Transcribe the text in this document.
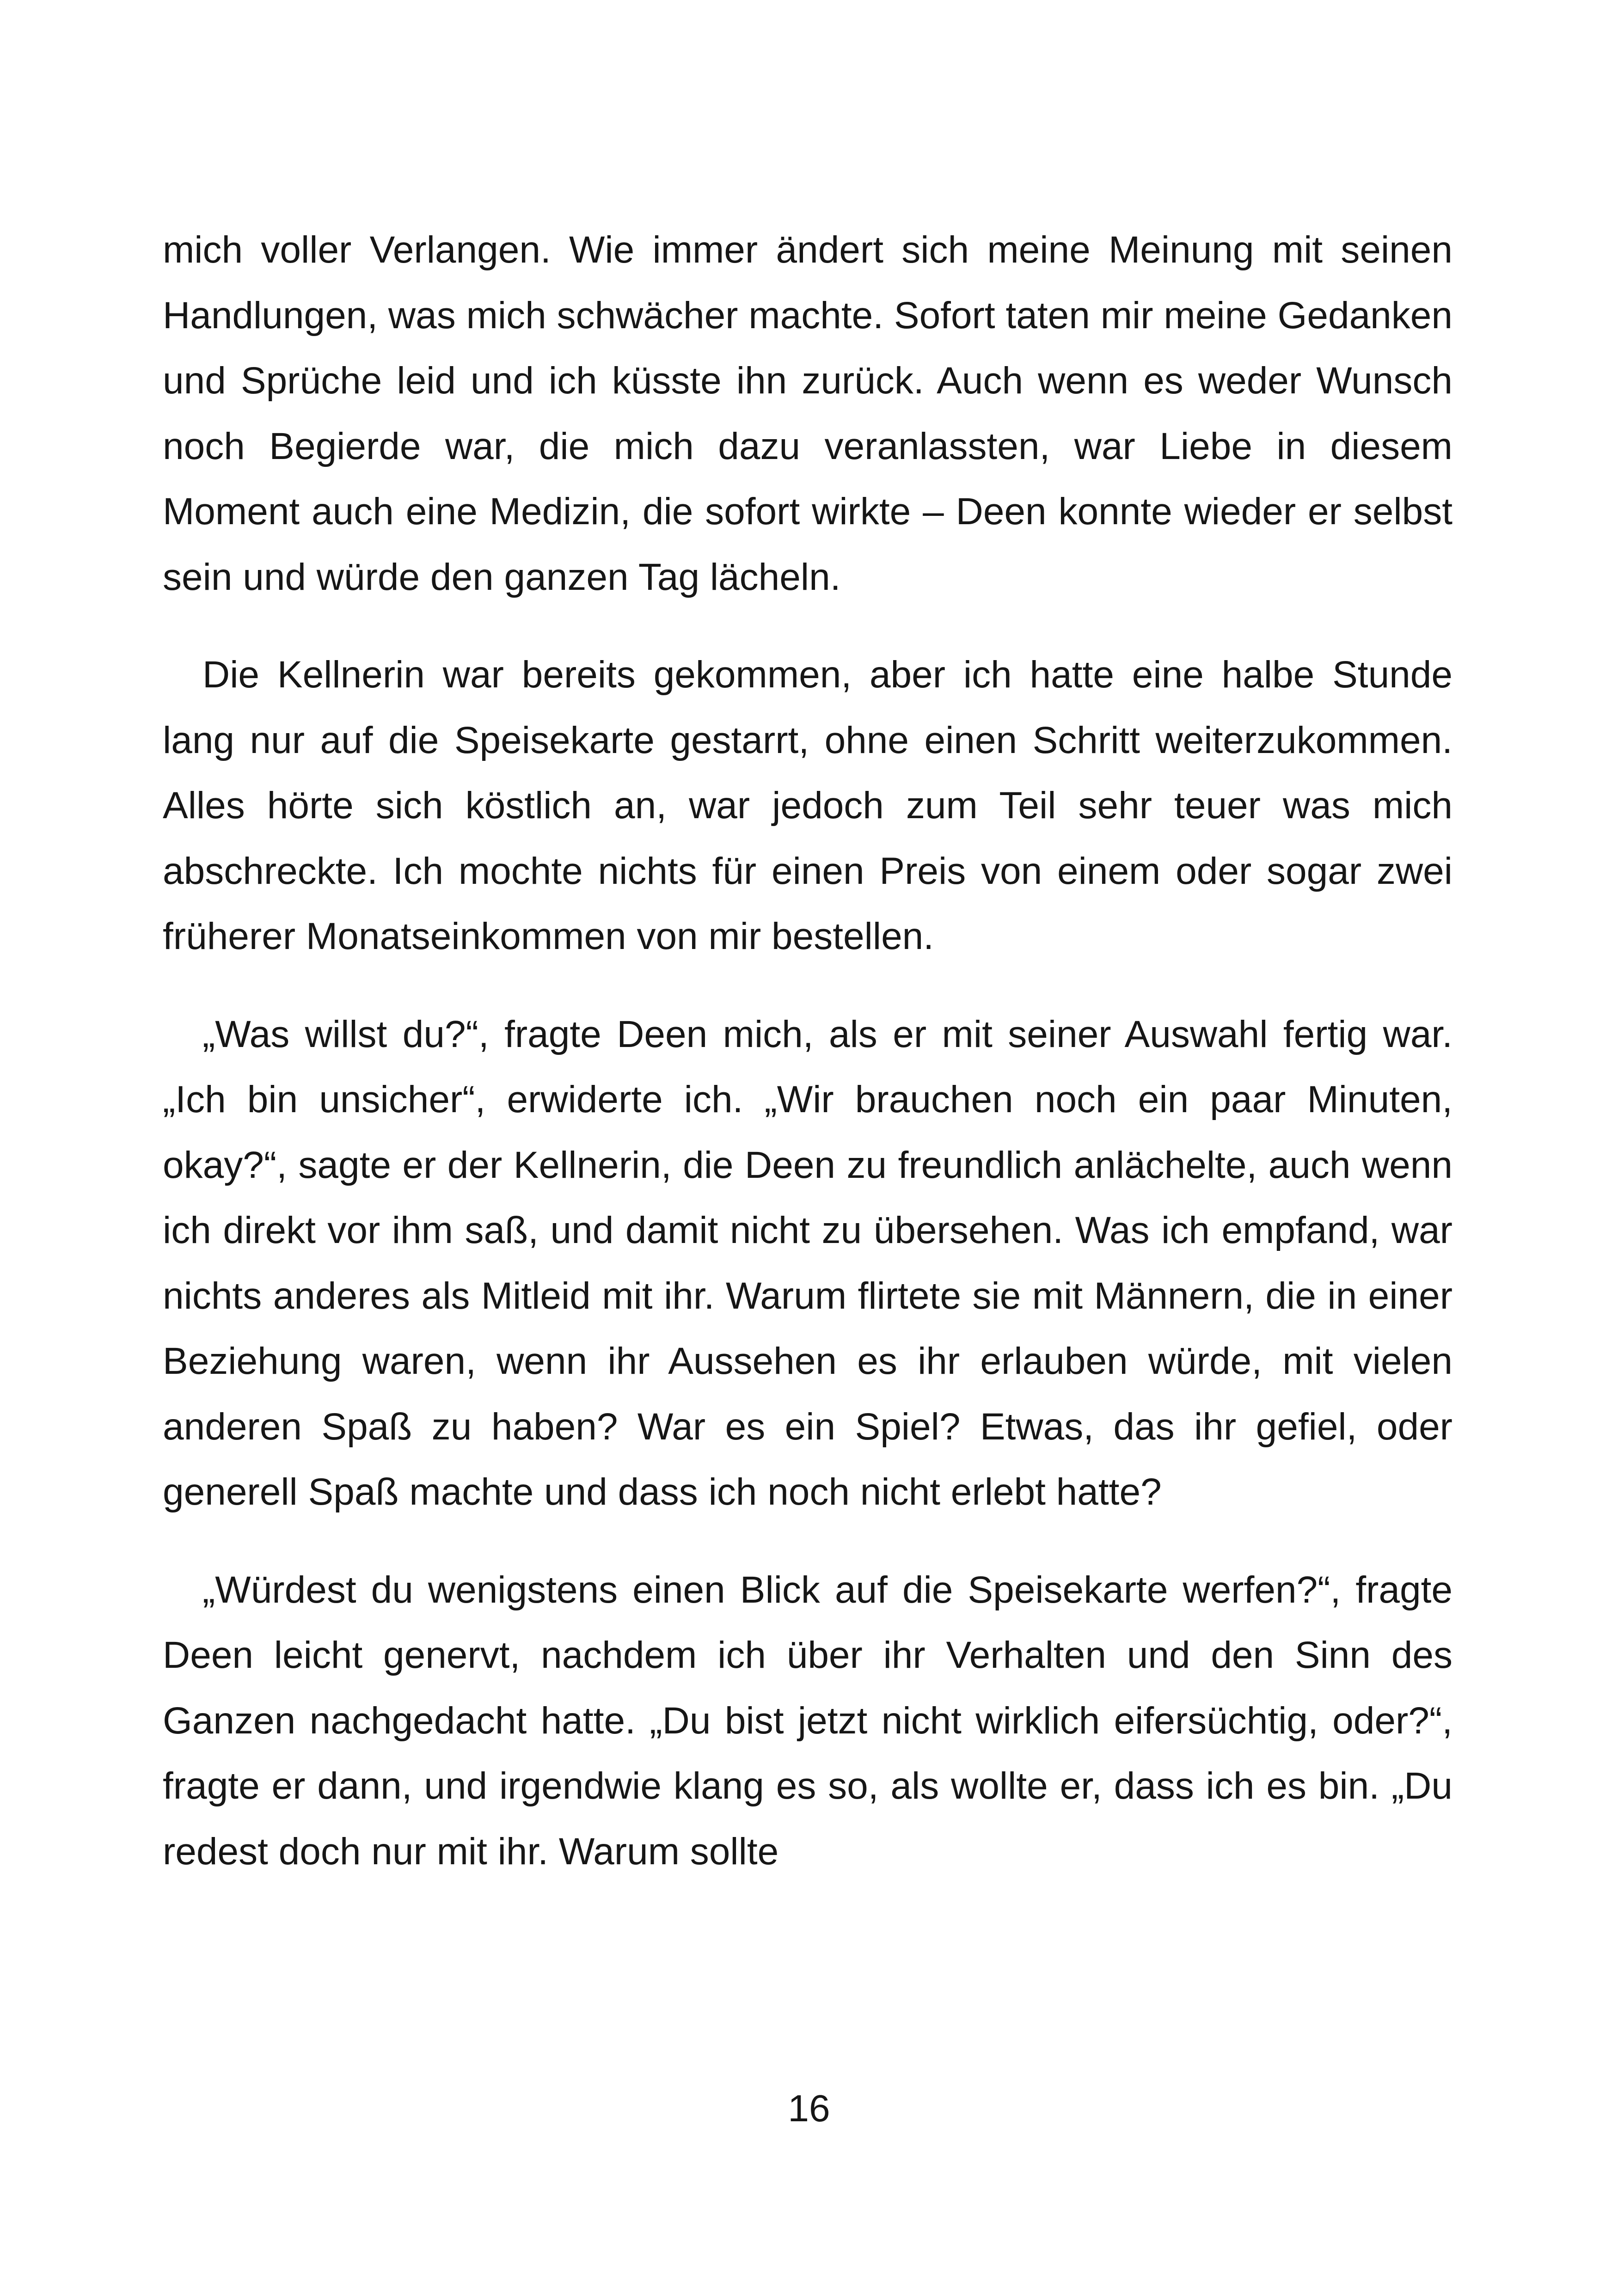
mich voller Verlangen. Wie immer ändert sich meine Meinung mit seinen Handlungen, was mich schwächer machte. Sofort taten mir meine Gedanken und Sprüche leid und ich küsste ihn zurück. Auch wenn es weder Wunsch noch Begierde war, die mich dazu veranlassten, war Liebe in diesem Moment auch eine Medizin, die sofort wirkte – Deen konnte wieder er selbst sein und würde den ganzen Tag lächeln.

Die Kellnerin war bereits gekommen, aber ich hatte eine halbe Stunde lang nur auf die Speisekarte gestarrt, ohne einen Schritt weiterzukommen. Alles hörte sich köstlich an, war jedoch zum Teil sehr teuer was mich abschreckte. Ich mochte nichts für einen Preis von einem oder sogar zwei früherer Monatseinkommen von mir bestellen.

„Was willst du?“, fragte Deen mich, als er mit seiner Auswahl fertig war. „Ich bin unsicher“, erwiderte ich. „Wir brauchen noch ein paar Minuten, okay?“, sagte er der Kellnerin, die Deen zu freundlich anlächelte, auch wenn ich direkt vor ihm saß, und damit nicht zu übersehen. Was ich empfand, war nichts anderes als Mitleid mit ihr. Warum flirtete sie mit Männern, die in einer Beziehung waren, wenn ihr Aussehen es ihr erlauben würde, mit vielen anderen Spaß zu haben? War es ein Spiel? Etwas, das ihr gefiel, oder generell Spaß machte und dass ich noch nicht erlebt hatte?

„Würdest du wenigstens einen Blick auf die Speisekarte werfen?“, fragte Deen leicht genervt, nachdem ich über ihr Verhalten und den Sinn des Ganzen nachgedacht hatte. „Du bist jetzt nicht wirklich eifersüchtig, oder?“, fragte er dann, und irgendwie klang es so, als wollte er, dass ich es bin. „Du redest doch nur mit ihr. Warum sollte

16
